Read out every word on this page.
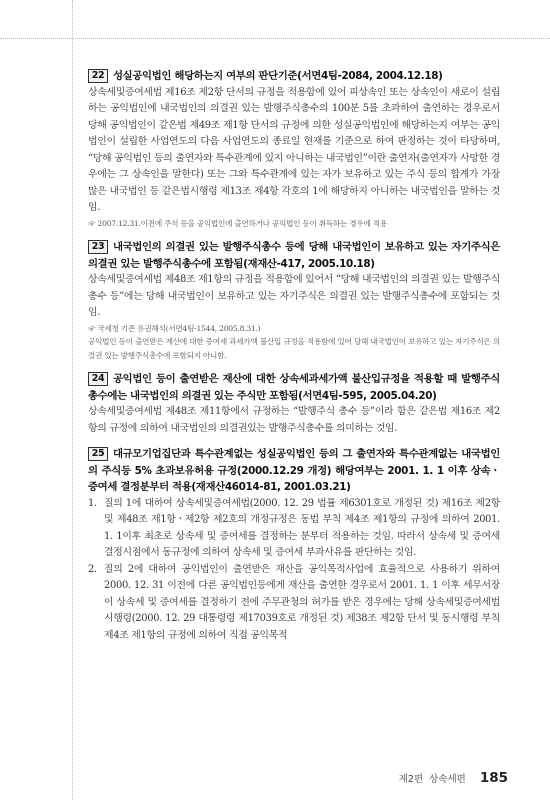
22 성실공익법인 해당하는지 여부의 판단기준(서면4팀-2084, 2004.12.18)

상속세및증여세법 제16조 제2항 단서의 규정을 적용함에 있어 피상속인 또는 상속인이 새로이 설립하는 공익법인에 내국법인의 의결권 있는 발행주식총수의 100분 5를 초과하여 출연하는 경우로서 당해 공익법인이 같은법 제49조 제1항 단서의 규정에 의한 성실공익법인에 해당하는지 여부는 공익법인이 설립한 사업연도의 다음 사업연도의 종료일 현재를 기준으로 하여 판정하는 것이 타당하며, “당해 공익법인 등의 출연자와 특수관계에 있지 아니하는 내국법인”이란 출연자(출연자가 사망한 경우에는 그 상속인을 말한다) 또는 그와 특수관계에 있는 자가 보유하고 있는 주식 등의 합계가 가장 많은 내국법인 등 같은법시행령 제13조 제4항 각호의 1에 해당하지 아니하는 내국법인을 말하는 것임.

☞ 2007.12.31.이전에 주식 등을 공익법인에 출연하거나 공익법인 등이 취득하는 경우에 적용

23 내국법인의 의결권 있는 발행주식총수 등에 당해 내국법인이 보유하고 있는 자기주식은 의결권 있는 발행주식총수에 포함됨(재재산-417, 2005.10.18)

상속세및증여세법 제48조 제1항의 규정을 적용함에 있어서 “당해 내국법인의 의결권 있는 발행주식총수 등”에는 당해 내국법인이 보유하고 있는 자기주식은 의결권 있는 발행주식총수에 포함되는 것임.

☞ 국세청 기존 유권해석(서면4팀-1544, 2005.8.31.)

공익법인 등이 출연받은 재산에 대한 증여세 과세가액 불산입 규정을 적용함에 있어 당해 내국법인이 보유하고 있는 자기주식은 의결권 있는 발행주식총수에 포함되지 아니함.

24 공익법인 등이 출연받은 재산에 대한 상속세과세가액 불산입규정을 적용할 때 발행주식 총수에는 내국법인의 의결권 있는 주식만 포함됨(서면4팀-595, 2005.04.20)

상속세및증여세법 제48조 제11항에서 규정하는 “발행주식 총수 등”이라 함은 같은법 제16조 제2항의 규정에 의하여 내국법인의 의결권있는 발행주식총수를 의미하는 것임.

25 대규모기업집단과 특수관계없는 성실공익법인 등의 그 출연자와 특수관계없는 내국법인의 주식등 5% 초과보유허용 규정(2000.12.29 개정) 해당여부는 2001. 1. 1 이후 상속ㆍ증여세 결정분부터 적용(재재산46014-81, 2001.03.21)
1. 질의 1에 대하여 상속세및증여세법(2000. 12. 29 법률 제6301호로 개정된 것) 제16조 제2항 및 제48조 제1항ㆍ제2항 제2호의 개정규정은 동법 부칙 제4조 제1항의 규정에 의하여 2001. 1. 1이후 최초로 상속세 및 증여세를 결정하는 분부터 적용하는 것임. 따라서 상속세 및 증여세 결정시점에서 동규정에 의하여 상속세 및 증여세 부과사유를 판단하는 것임.
2. 질의 2에 대하여 공익법인이 출연받은 재산을 공익목적사업에 효율적으로 사용하기 위하여 2000. 12. 31 이전에 다른 공익법인등에게 재산을 출연한 경우로서 2001. 1. 1 이후 세무서장이 상속세 및 증여세를 결정하기 전에 주무관청의 허가를 받은 경우에는 당해 상속세및증여세법시행령(2000. 12. 29 대통령령 제17039호로 개정된 것) 제38조 제2항 단서 및 동시행령 부칙 제4조 제1항의 규정에 의하여 직접 공익목적
제2편 상속세편 185
